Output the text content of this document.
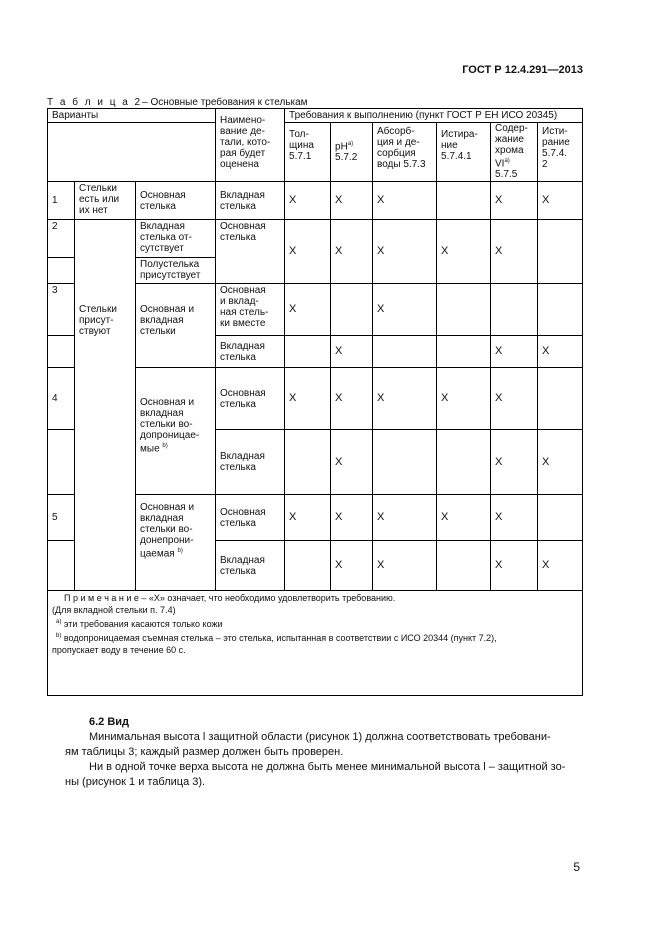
ГОСТ Р 12.4.291—2013
Т а б л и ц а 2– Основные требования к стелькам
Варианты			Наимено-
вание де-
тали, кото-
рая будет
оценена	Требования к выполнению (пункт ГОСТ Р ЕН ИСО 20345)					
				Тол-
щина
5.7.1	$pH^{a)}$
5.7.2	Абсорб-
ция и де-
сорбция
воды 5.7.3	Истира-
ние
5.7.4.1	Содер-
жание
хрома
VI$^{a)}$
5.7.5	Исти-
рание
5.7.4.
2
1	Стельки
есть или
их нет	Основная
стелька	Вкладная
стелька	X	X	X		X	X
2	Стельки
присут-
ствуют	Вкладная
стелька от-
сутствует	Основная
стелька	X	X	X	X	X	
		Полустелька
присутствует							
3		Основная и
вкладная
стельки	Основная
и вклад-
ная стель-
ки вместе	X		X			
			Вкладная
стелька		X			X	X
4		Основная и
вкладная
стельки во-
допроницае-
мые $^{b)}$	Основная
стелька	X	X	X	X	X	
			Вкладная
стелька		X			X	X
5		Основная и
вкладная
стельки во-
донепрони-
цаемая $^{b)}$	Основная
стелька	X	X	X	X	X	
			Вкладная
стелька		X	X		X	X

П р и м е ч а н и е – «X» означает, что необходимо удовлетворить требованию.
(Для вкладной стельки п. 7.4)
$^{a)}$ эти требования касаются только кожи
$^{b)}$ водопроницаемая съемная стелька – это стелька, испытанная в соответствии с ИСО 20344 (пункт 7.2),
пропускает воду в течение 60 с.									
6.2 Вид
Минимальная высота l защитной области (рисунок 1) должна соответствовать требовани-
ям таблицы 3; каждый размер должен быть проверен.
Ни в одной точке верха высота не должна быть менее минимальной высота l – защитной зо-
ны (рисунок 1 и таблица 3).
5
